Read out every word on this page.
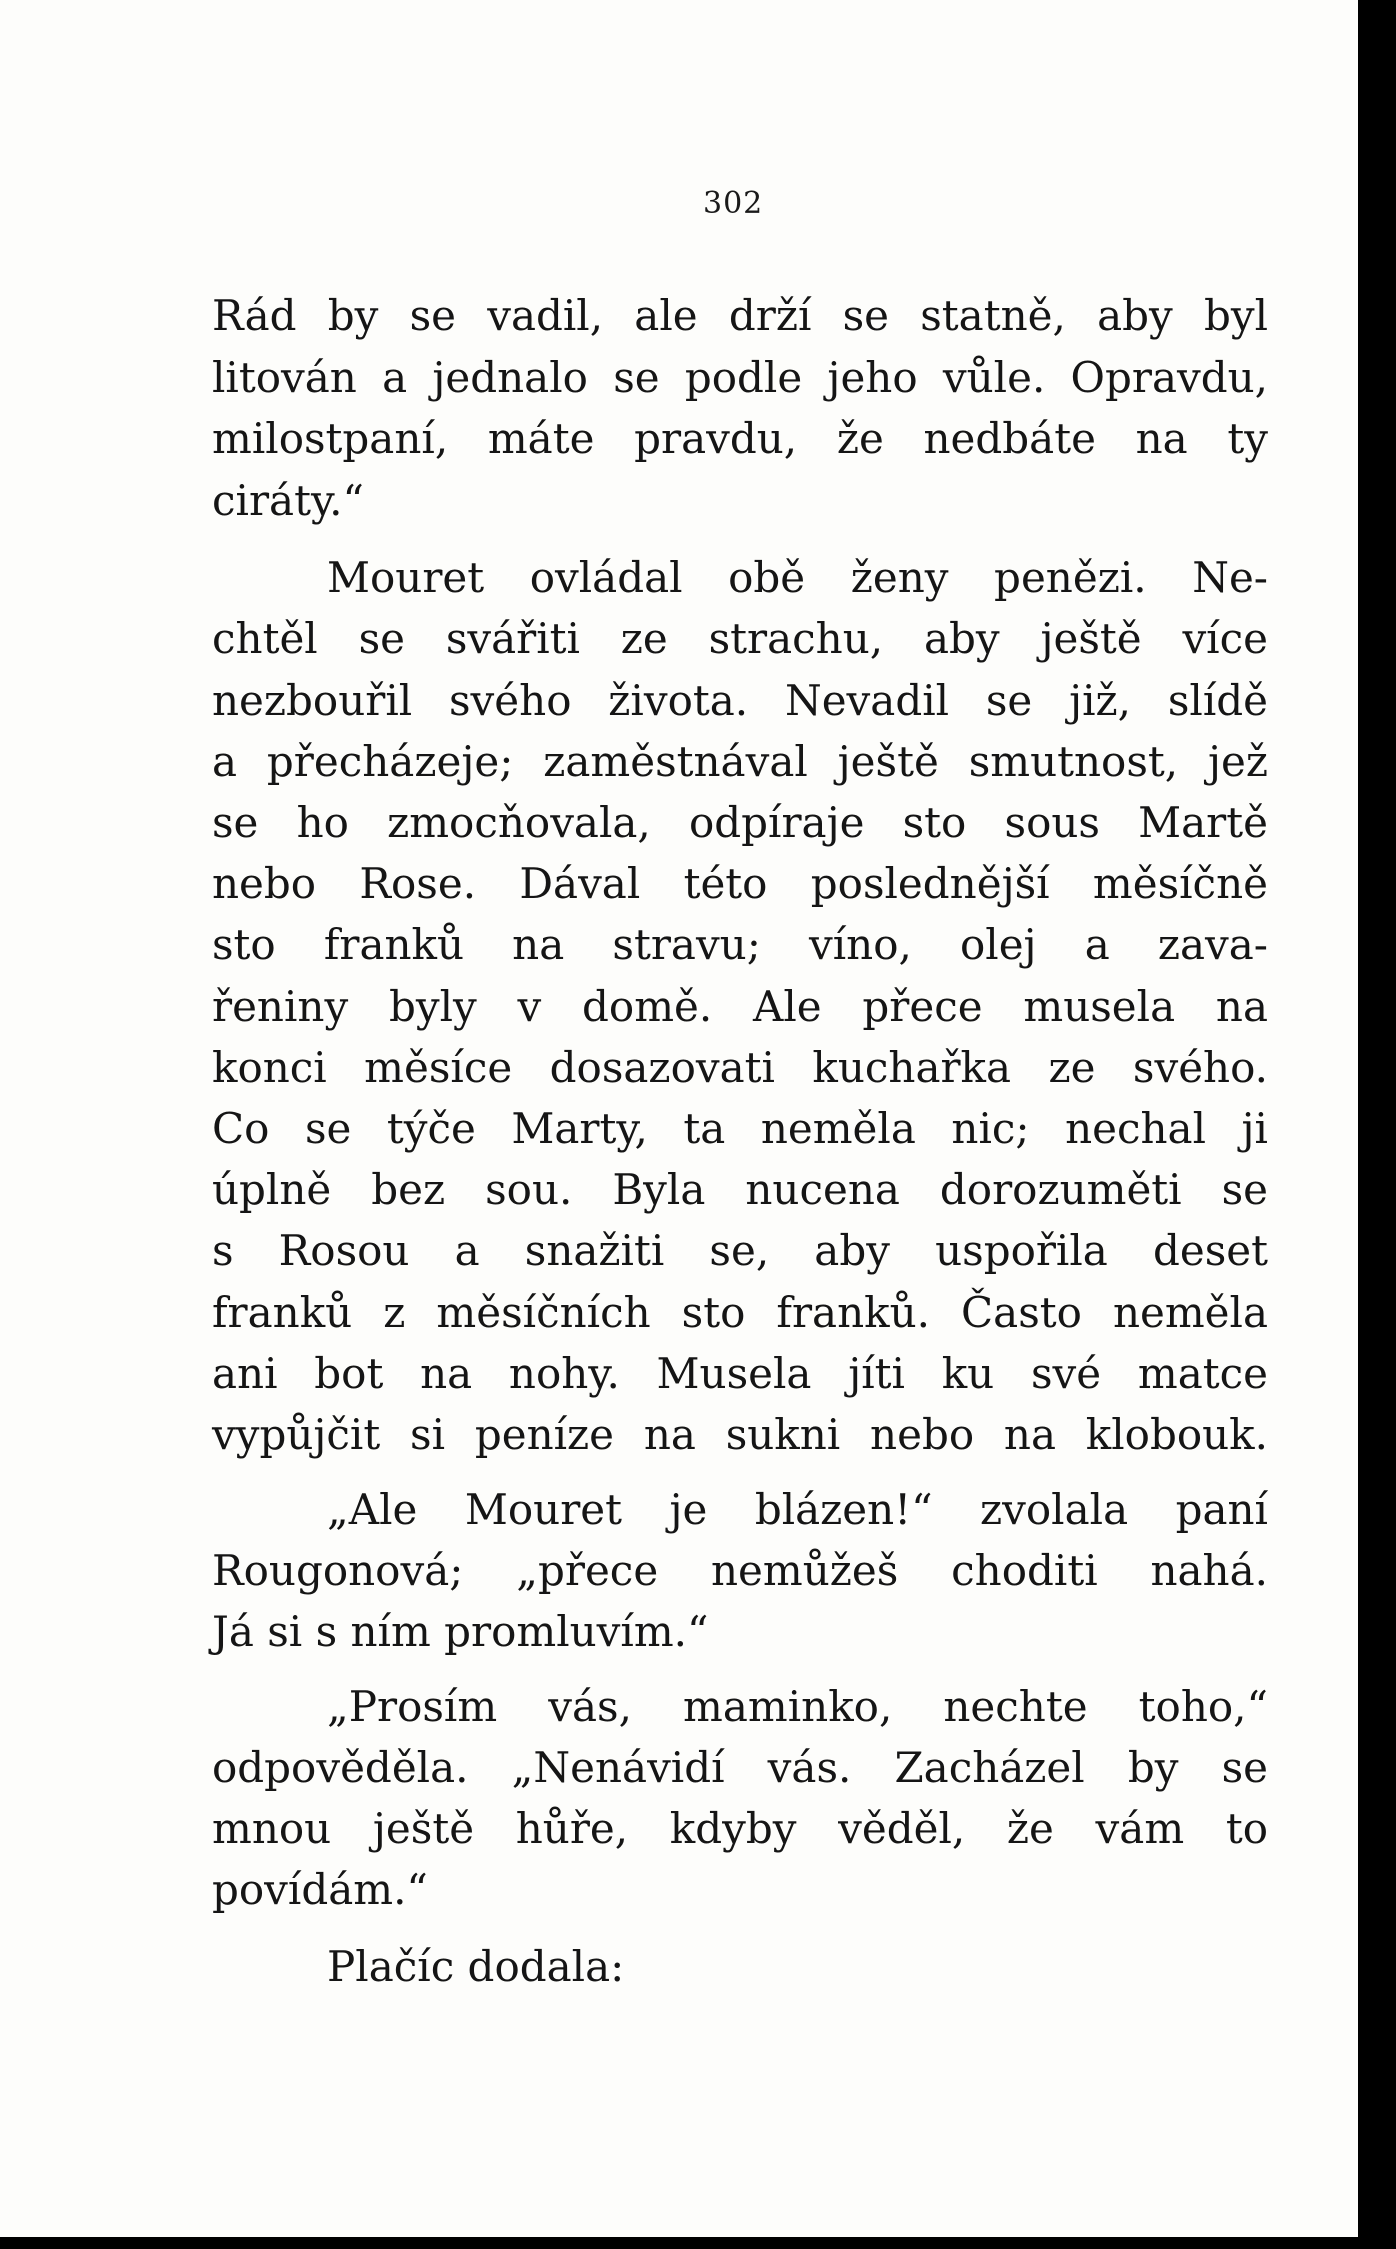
302
Rád by se vadil, ale drží se statně, aby byl
litován a jednalo se podle jeho vůle. Opravdu,
milostpaní, máte pravdu, že nedbáte na ty
ciráty.“
Mouret ovládal obě ženy penězi. Ne-
chtěl se svářiti ze strachu, aby ještě více
nezbouřil svého života. Nevadil se již, slídě
a přecházeje; zaměstnával ještě smutnost, jež
se ho zmocňovala, odpíraje sto sous Martě
nebo Rose. Dával této poslednější měsíčně
sto franků na stravu; víno, olej a zava-
řeniny byly v domě. Ale přece musela na
konci měsíce dosazovati kuchařka ze svého.
Co se týče Marty, ta neměla nic; nechal ji
úplně bez sou. Byla nucena dorozuměti se
s Rosou a snažiti se, aby uspořila deset
franků z měsíčních sto franků. Často neměla
ani bot na nohy. Musela jíti ku své matce
vypůjčit si peníze na sukni nebo na klobouk.
„Ale Mouret je blázen!“ zvolala paní
Rougonová; „přece nemůžeš choditi nahá.
Já si s ním promluvím.“
„Prosím vás, maminko, nechte toho,“
odpověděla. „Nenávidí vás. Zacházel by se
mnou ještě hůře, kdyby věděl, že vám to
povídám.“
Plačíc dodala:
